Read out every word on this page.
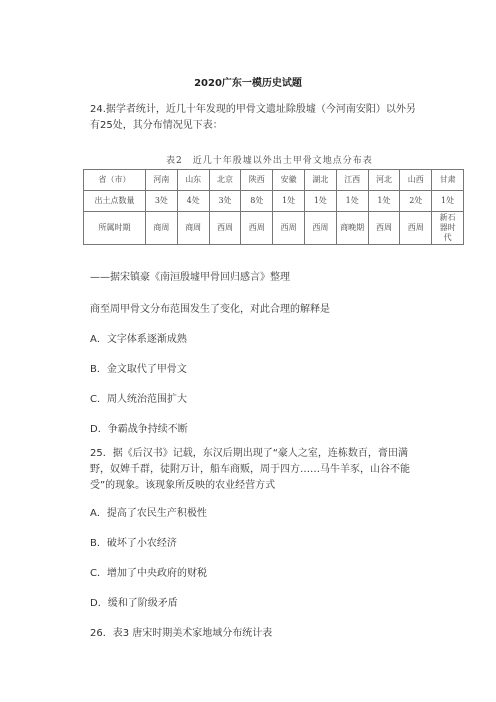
2020广东一模历史试题

24.据学者统计，近几十年发现的甲骨文遗址除殷墟（今河南安阳）以外另有25处，其分布情况见下表：

表2　近几十年殷墟以外出土甲骨文地点分布表
省（市）	河南	山东	北京	陕西	安徽	湖北	江西	河北	山西	甘肃
出土点数量	3处	4处	3处	8处	1处	1处	1处	1处	2处	1处
所属时期	商周	商周	西周	西周	西周	西周	商晚期	西周	西周	新石器时代

——据宋镇豪《南洹殷墟甲骨回归感言》整理

商至周甲骨文分布范围发生了变化，对此合理的解释是

A．文字体系逐渐成熟

B．金文取代了甲骨文

C．周人统治范围扩大

D．争霸战争持续不断

25．据《后汉书》记载，东汉后期出现了“豪人之室，连栋数百，膏田满野，奴婢千群，徒附万计，船车商贩，周于四方……马牛羊豕，山谷不能受”的现象。该现象所反映的农业经营方式

A．提高了农民生产积极性

B．破坏了小农经济

C．增加了中央政府的财税

D．缓和了阶级矛盾

26．表3 唐宋时期美术家地域分布统计表
